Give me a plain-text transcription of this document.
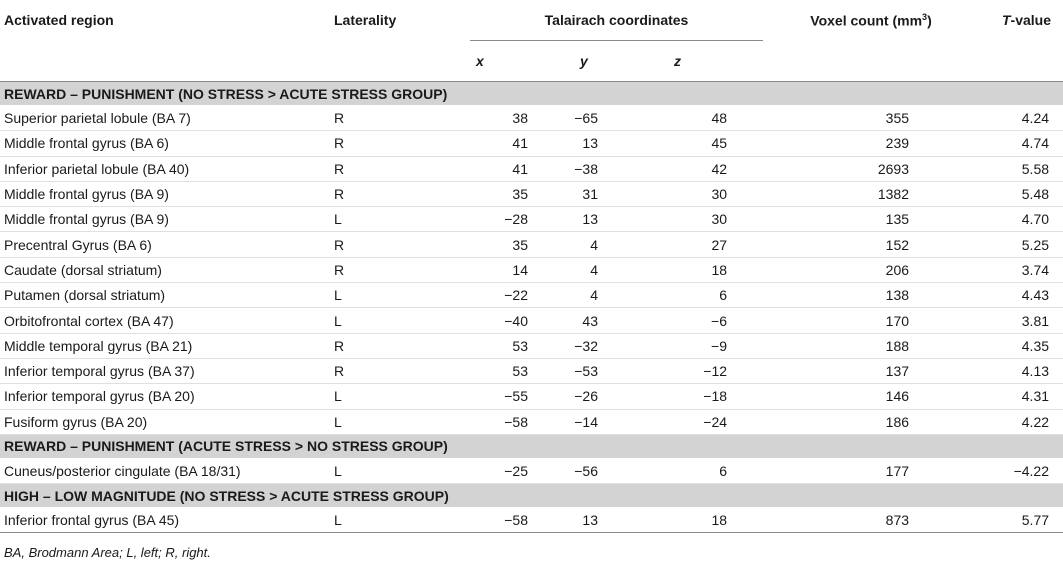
Activated region	Laterality	Talairach coordinates			Voxel count $(mm^3)$	T-value
		x	y	z		

REWARD – PUNISHMENT (NO STRESS > ACUTE STRESS GROUP)						
Superior parietal lobule (BA 7)	R	38	−65	48	355	4.24
Middle frontal gyrus (BA 6)	R	41	13	45	239	4.74
Inferior parietal lobule (BA 40)	R	41	−38	42	2693	5.58
Middle frontal gyrus (BA 9)	R	35	31	30	1382	5.48
Middle frontal gyrus (BA 9)	L	−28	13	30	135	4.70
Precentral Gyrus (BA 6)	R	35	4	27	152	5.25
Caudate (dorsal striatum)	R	14	4	18	206	3.74
Putamen (dorsal striatum)	L	−22	4	6	138	4.43
Orbitofrontal cortex (BA 47)	L	−40	43	−6	170	3.81
Middle temporal gyrus (BA 21)	R	53	−32	−9	188	4.35
Inferior temporal gyrus (BA 37)	R	53	−53	−12	137	4.13
Inferior temporal gyrus (BA 20)	L	−55	−26	−18	146	4.31
Fusiform gyrus (BA 20)	L	−58	−14	−24	186	4.22
REWARD – PUNISHMENT (ACUTE STRESS > NO STRESS GROUP)						
Cuneus/posterior cingulate (BA 18/31)	L	−25	−56	6	177	−4.22
HIGH – LOW MAGNITUDE (NO STRESS > ACUTE STRESS GROUP)						
Inferior frontal gyrus (BA 45)	L	−58	13	18	873	5.77
BA, Brodmann Area; L, left; R, right.
